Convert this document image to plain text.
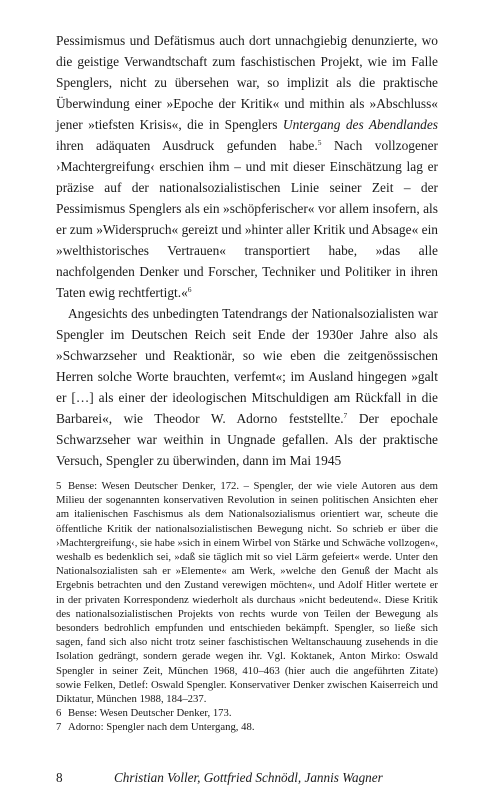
Pessimismus und Defätismus auch dort unnachgiebig denunzierte, wo die geistige Verwandtschaft zum faschistischen Projekt, wie im Falle Spenglers, nicht zu übersehen war, so implizit als die praktische Überwindung einer »Epoche der Kritik« und mithin als »Abschluss« jener »tiefsten Krisis«, die in Spenglers Untergang des Abendlandes ihren adäquaten Ausdruck gefunden habe.$^5$ Nach vollzogener ›Machtergreifung‹ erschien ihm – und mit dieser Einschätzung lag er präzise auf der nationalsozialistischen Linie seiner Zeit – der Pessimismus Spenglers als ein »schöpferischer« vor allem insofern, als er zum »Widerspruch« gereizt und »hinter aller Kritik und Absage« ein »welthistorisches Vertrauen« transportiert habe, »das alle nachfolgenden Denker und Forscher, Techniker und Politiker in ihren Taten ewig rechtfertigt.«$^6$
Angesichts des unbedingten Tatendrangs der Nationalsozialisten war Spengler im Deutschen Reich seit Ende der 1930er Jahre also als »Schwarzseher und Reaktionär, so wie eben die zeitgenössischen Herren solche Worte brauchten, verfemt«; im Ausland hingegen »galt er […] als einer der ideologischen Mitschuldigen am Rückfall in die Barbarei«, wie Theodor W. Adorno feststellte.$^7$ Der epochale Schwarzseher war weithin in Ungnade gefallen. Als der praktische Versuch, Spengler zu überwinden, dann im Mai 1945
5 Bense: Wesen Deutscher Denker, 172. – Spengler, der wie viele Autoren aus dem Milieu der sogenannten konservativen Revolution in seinen politischen Ansichten eher am italienischen Faschismus als dem Nationalsozialismus orientiert war, scheute die öffentliche Kritik der nationalsozialistischen Bewegung nicht. So schrieb er über die ›Machtergreifung‹, sie habe »sich in einem Wirbel von Stärke und Schwäche vollzogen«, weshalb es bedenklich sei, »daß sie täglich mit so viel Lärm gefeiert« werde. Unter den Nationalsozialisten sah er »Elemente« am Werk, »welche den Genuß der Macht als Ergebnis betrachten und den Zustand verewigen möchten«, und Adolf Hitler wertete er in der privaten Korrespondenz wiederholt als durchaus »nicht bedeutend«. Diese Kritik des nationalsozialistischen Projekts von rechts wurde von Teilen der Bewegung als besonders bedrohlich empfunden und entschieden bekämpft. Spengler, so ließe sich sagen, fand sich also nicht trotz seiner faschistischen Weltanschauung zusehends in die Isolation gedrängt, sondern gerade wegen ihr. Vgl. Koktanek, Anton Mirko: Oswald Spengler in seiner Zeit, München 1968, 410–463 (hier auch die angeführten Zitate) sowie Felken, Detlef: Oswald Spengler. Konservativer Denker zwischen Kaiserreich und Diktatur, München 1988, 184–237.
6 Bense: Wesen Deutscher Denker, 173.
7 Adorno: Spengler nach dem Untergang, 48.
8	Christian Voller, Gottfried Schnödl, Jannis Wagner
